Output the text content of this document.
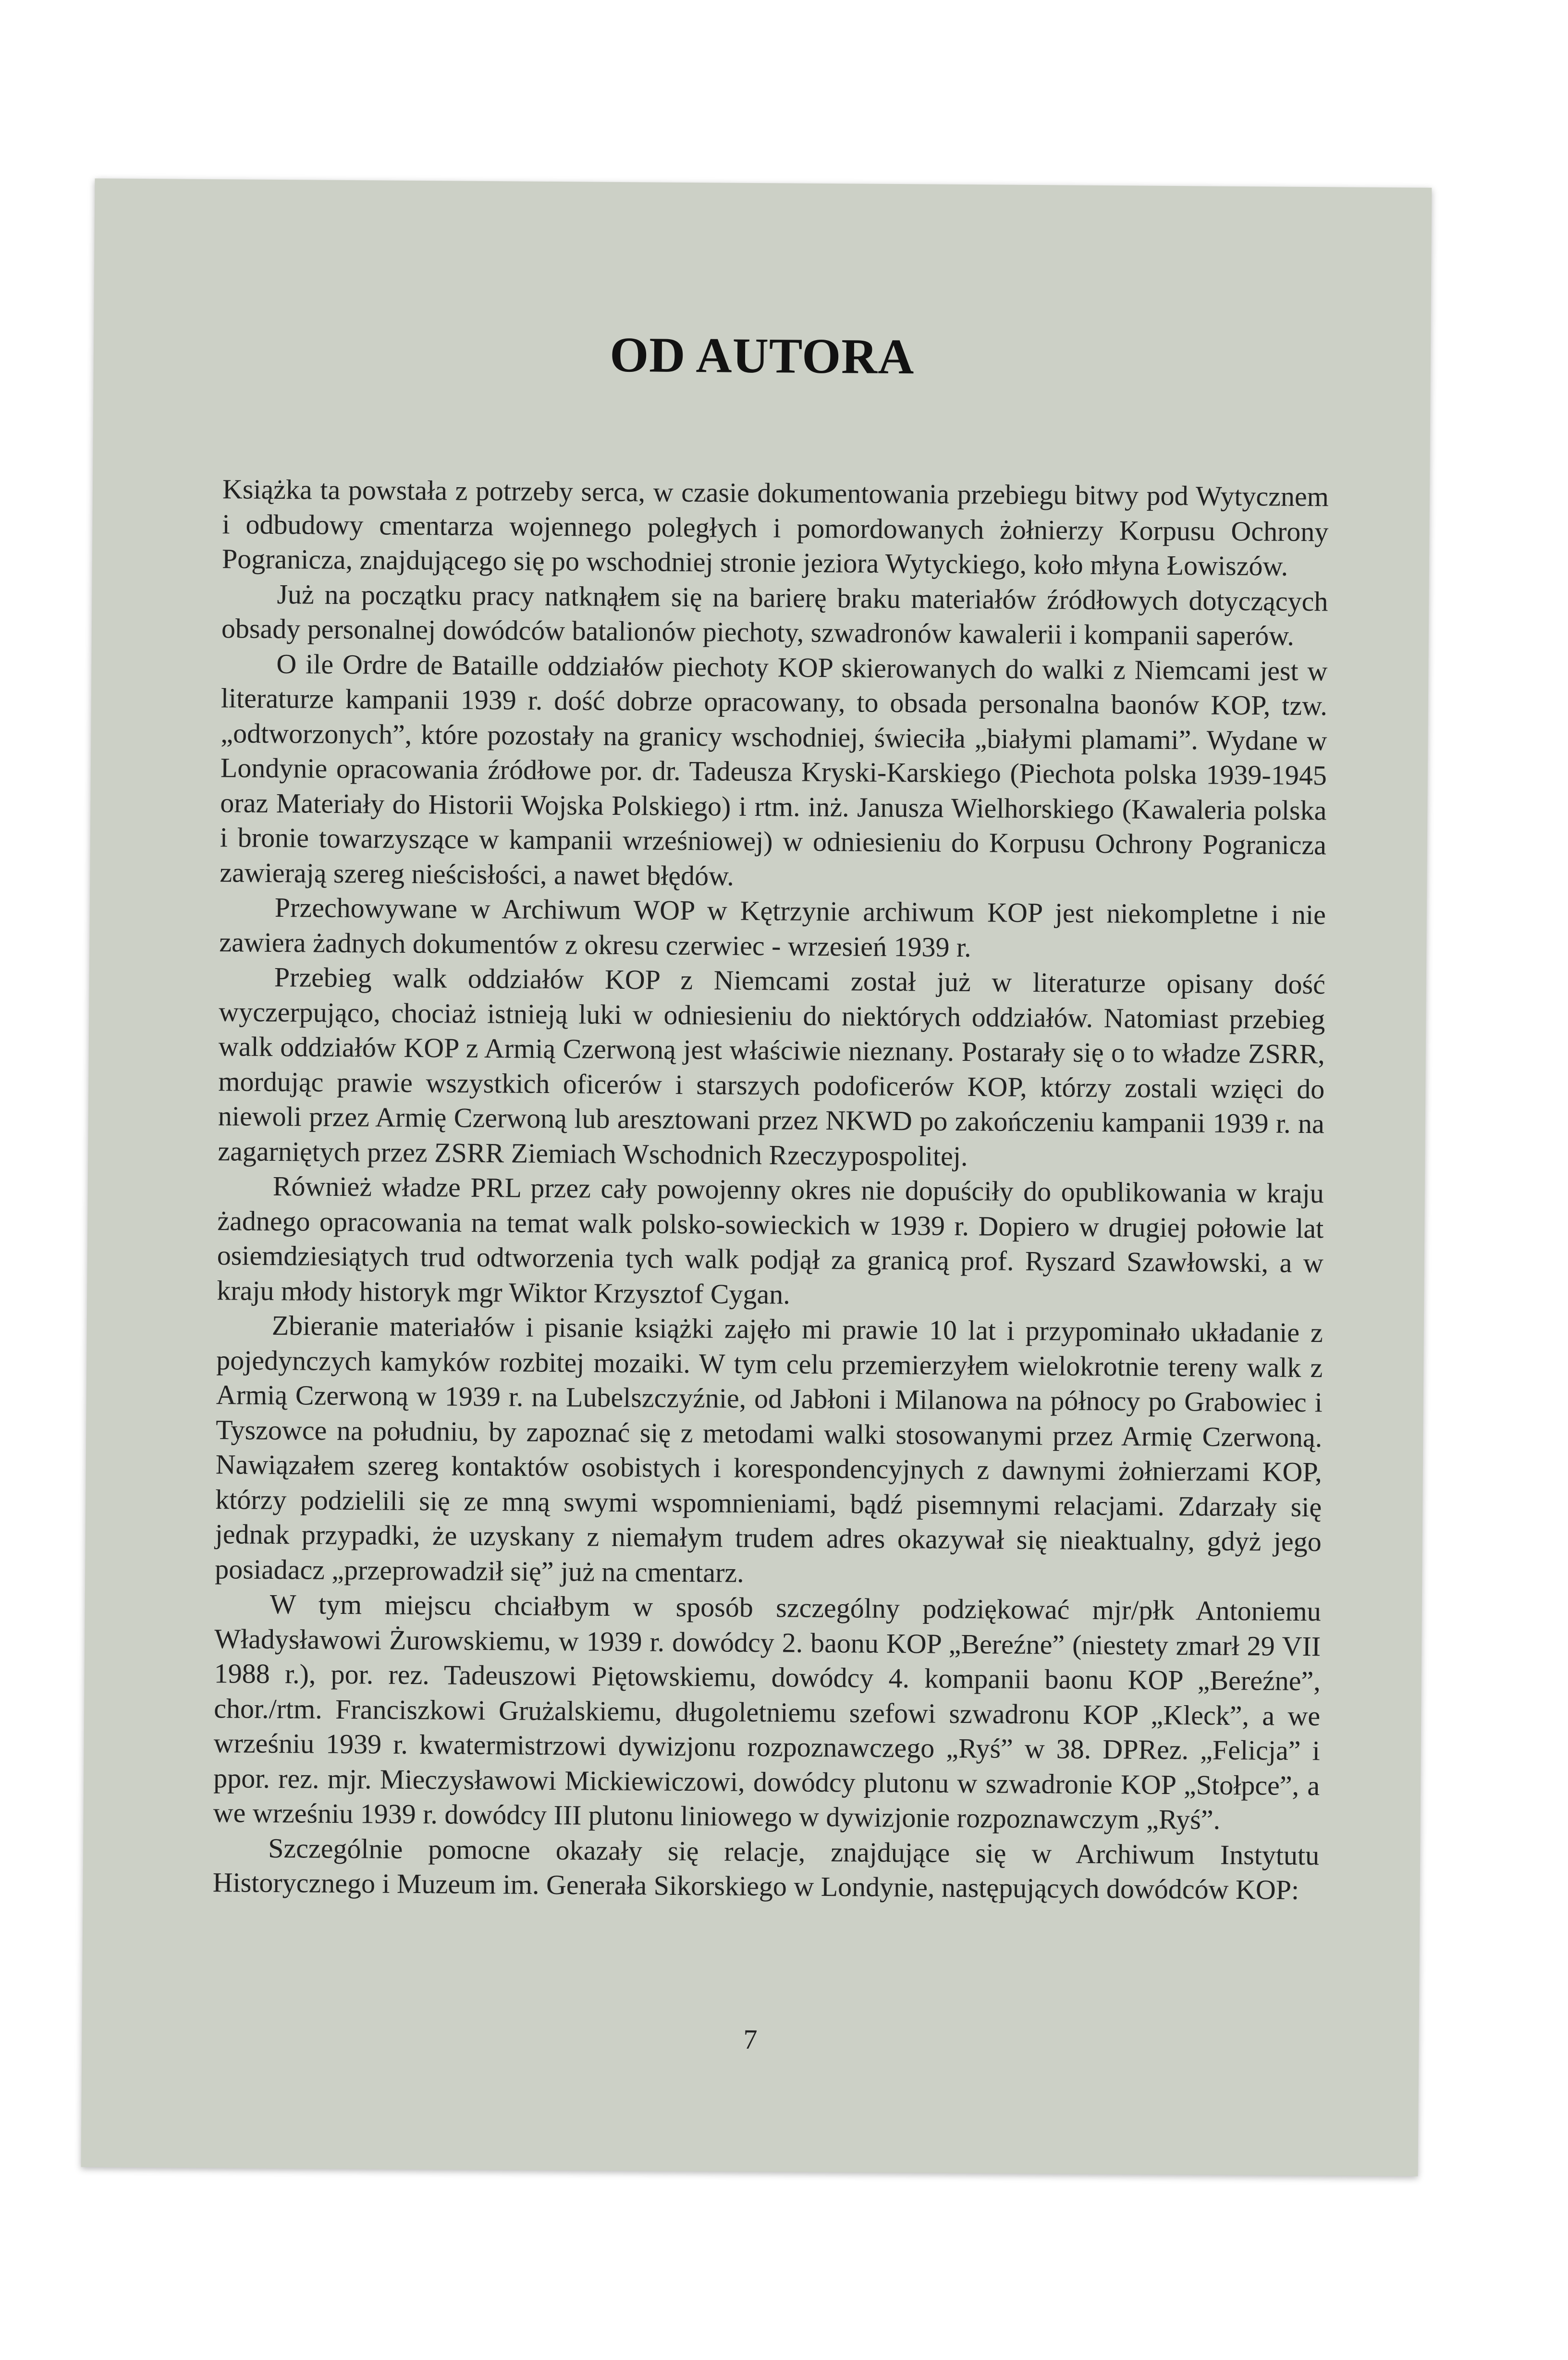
OD AUTORA

Książka ta powstała z potrzeby serca, w czasie dokumentowania przebiegu bitwy pod Wytycznem i odbudowy cmentarza wojennego poległych i pomordowanych żołnierzy Korpusu Ochrony Pogranicza, znajdującego się po wschodniej stronie jeziora Wytyckiego, koło młyna Łowiszów.

Już na początku pracy natknąłem się na barierę braku materiałów źródłowych dotyczących obsady personalnej dowódców batalionów piechoty, szwadronów kawalerii i kompanii saperów.

O ile Ordre de Bataille oddziałów piechoty KOP skierowanych do walki z Niemcami jest w literaturze kampanii 1939 r. dość dobrze opracowany, to obsada personalna baonów KOP, tzw. „odtworzonych”, które pozostały na granicy wschodniej, świeciła „białymi plamami”. Wydane w Londynie opracowania źródłowe por. dr. Tadeusza Kryski-Karskiego (Piechota polska 1939-1945 oraz Materiały do Historii Wojska Polskiego) i rtm. inż. Janusza Wielhorskiego (Kawaleria polska i bronie towarzyszące w kampanii wrześniowej) w odniesieniu do Korpusu Ochrony Pogranicza zawierają szereg nieścisłości, a nawet błędów.

Przechowywane w Archiwum WOP w Kętrzynie archiwum KOP jest niekompletne i nie zawiera żadnych dokumentów z okresu czerwiec - wrzesień 1939 r.

Przebieg walk oddziałów KOP z Niemcami został już w literaturze opisany dość wyczerpująco, chociaż istnieją luki w odniesieniu do niektórych oddziałów. Natomiast przebieg walk oddziałów KOP z Armią Czerwoną jest właściwie nieznany. Postarały się o to władze ZSRR, mordując prawie wszystkich oficerów i starszych podoficerów KOP, którzy zostali wzięci do niewoli przez Armię Czerwoną lub aresztowani przez NKWD po zakończeniu kampanii 1939 r. na zagarniętych przez ZSRR Ziemiach Wschodnich Rzeczypospolitej.

Również władze PRL przez cały powojenny okres nie dopuściły do opublikowania w kraju żadnego opracowania na temat walk polsko-sowieckich w 1939 r. Dopiero w drugiej połowie lat osiemdziesiątych trud odtworzenia tych walk podjął za granicą prof. Ryszard Szawłowski, a w kraju młody historyk mgr Wiktor Krzysztof Cygan.

Zbieranie materiałów i pisanie książki zajęło mi prawie 10 lat i przypominało układanie z pojedynczych kamyków rozbitej mozaiki. W tym celu przemierzyłem wielokrotnie tereny walk z Armią Czerwoną w 1939 r. na Lubelszczyźnie, od Jabłoni i Milanowa na północy po Grabowiec i Tyszowce na południu, by zapoznać się z metodami walki stosowanymi przez Armię Czerwoną. Nawiązałem szereg kontaktów osobistych i korespondencyjnych z dawnymi żołnierzami KOP, którzy podzielili się ze mną swymi wspomnieniami, bądź pisemnymi relacjami. Zdarzały się jednak przypadki, że uzyskany z niemałym trudem adres okazywał się nieaktualny, gdyż jego posiadacz „przeprowadził się” już na cmentarz.

W tym miejscu chciałbym w sposób szczególny podziękować mjr/płk Antoniemu Władysławowi Żurowskiemu, w 1939 r. dowódcy 2. baonu KOP „Bereźne” (niestety zmarł 29 VII 1988 r.), por. rez. Tadeuszowi Piętowskiemu, dowódcy 4. kompanii baonu KOP „Bereźne”, chor./rtm. Franciszkowi Grużalskiemu, długoletniemu szefowi szwadronu KOP „Kleck”, a we wrześniu 1939 r. kwatermistrzowi dywizjonu rozpoznawczego „Ryś” w 38. DPRez. „Felicja” i ppor. rez. mjr. Mieczysławowi Mickiewiczowi, dowódcy plutonu w szwadronie KOP „Stołpce”, a we wrześniu 1939 r. dowódcy III plutonu liniowego w dywizjonie rozpoznawczym „Ryś”.

Szczególnie pomocne okazały się relacje, znajdujące się w Archiwum Instytutu Historycznego i Muzeum im. Generała Sikorskiego w Londynie, następujących dowódców KOP:

7
